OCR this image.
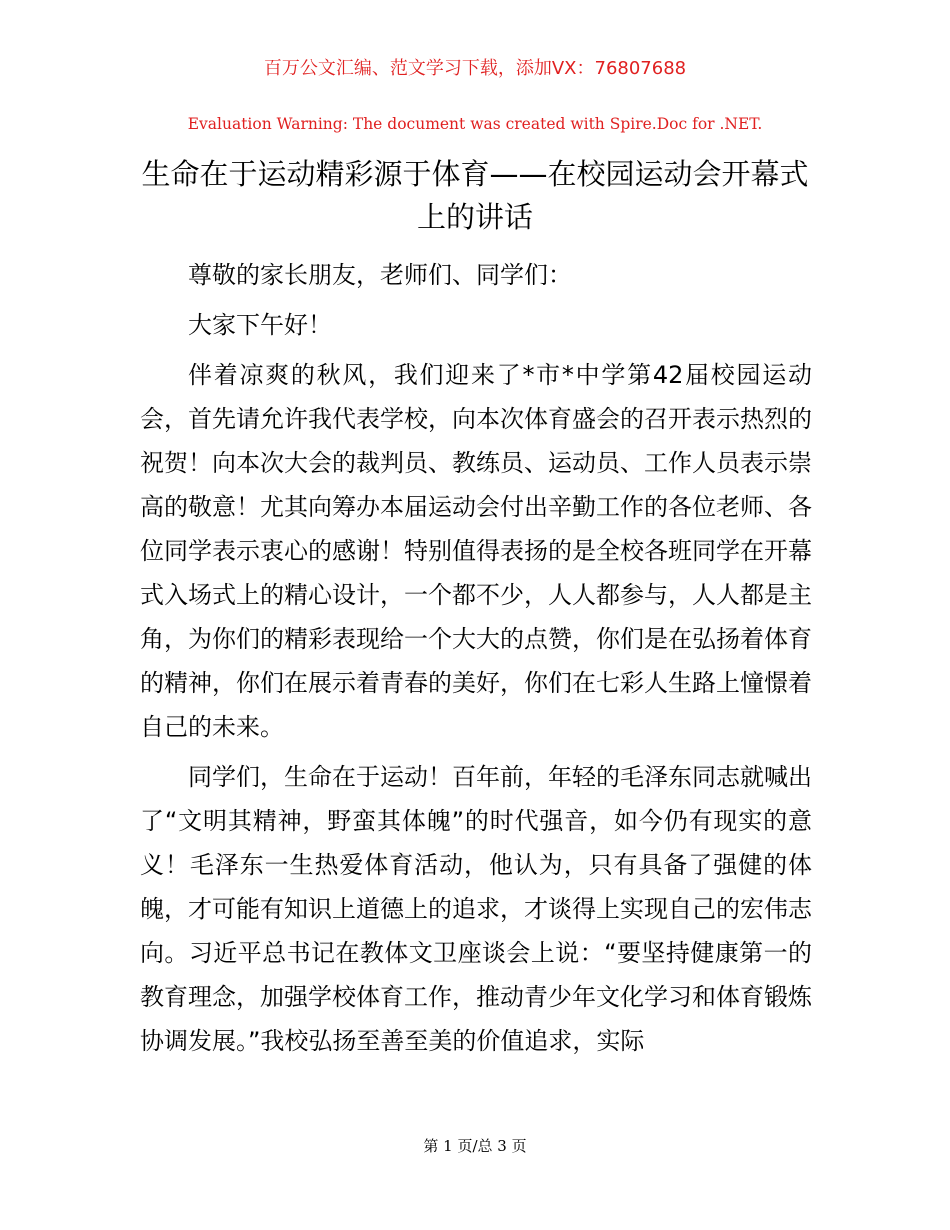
百万公文汇编、范文学习下载，添加VX：76807688
Evaluation Warning: The document was created with Spire.Doc for .NET.
生命在于运动精彩源于体育——在校园运动会开幕式上的讲话

尊敬的家长朋友，老师们、同学们：

大家下午好！

伴着凉爽的秋风，我们迎来了*市*中学第42届校园运动会，首先请允许我代表学校，向本次体育盛会的召开表示热烈的祝贺！向本次大会的裁判员、教练员、运动员、工作人员表示崇高的敬意！尤其向筹办本届运动会付出辛勤工作的各位老师、各位同学表示衷心的感谢！特别值得表扬的是全校各班同学在开幕式入场式上的精心设计，一个都不少，人人都参与，人人都是主角，为你们的精彩表现给一个大大的点赞，你们是在弘扬着体育的精神，你们在展示着青春的美好，你们在七彩人生路上憧憬着自己的未来。

同学们，生命在于运动！百年前，年轻的毛泽东同志就喊出了“文明其精神，野蛮其体魄”的时代强音，如今仍有现实的意义！毛泽东一生热爱体育活动，他认为，只有具备了强健的体魄，才可能有知识上道德上的追求，才谈得上实现自己的宏伟志向。习近平总书记在教体文卫座谈会上说：“要坚持健康第一的教育理念，加强学校体育工作，推动青少年文化学习和体育锻炼协调发展。”我校弘扬至善至美的价值追求，实际

第 1 页/总 3 页
